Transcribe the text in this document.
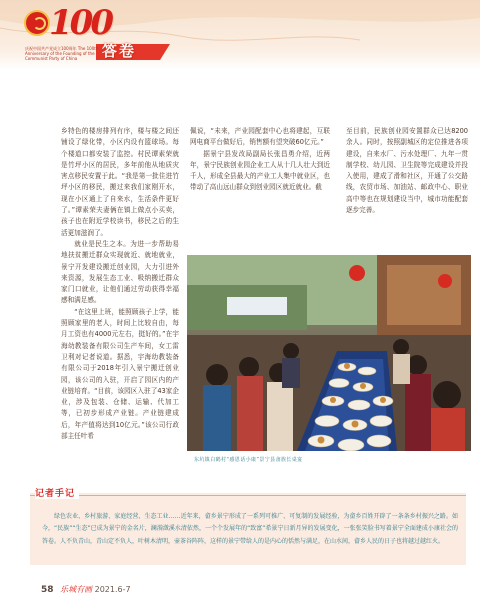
100
答卷
庆祝中国共产党成立100周年 The 100th Anniversary of the Founding of the Communist Party of China

乡特色的楼房排列有序，楼与楼之间还铺设了绿化带，小区内设有篮球场。每个楼道口都安装了监控。村民谭素荣就是竹坪小区的居民，多年前他从地质灾害点移民安置于此。“我是第一批住进竹坪小区的移民，搬过来我们家刚开水，现在小区通上了自来水，生活条件更好了。”谭素荣夫妻俩在镇上做点小买卖，孩子也在附近学校读书，移民之后的生活更加滋润了。

就业是民生之本。为进一步帮助易地扶贫搬迁群众实现就近、就地就业，景宁开发建设搬迁创业园，大力引进外来资源，发展生态工业、吸纳搬迁群众家门口就业，让他们通过劳动获得幸福感和满足感。

“在这里上班，能照顾孩子上学，能照顾家里的老人，时间上比较自由，每月工资也有4000元左右，挺好的。”在宇海幼教装备有限公司生产车间，女工雷卫利对记者说道。据悉，宇海幼教装备有限公司于2018年引入景宁搬迁创业园，该公司的入驻，开启了园区内的产业链培育。“目前，该园区入驻了43家企业，涉及包装、仓储、运输、代加工等，已初步形成产业链。产业链建成后，年产值将达到10亿元。”该公司行政部主任叶希

佩说，“未来，产业园配套中心也将建起，互联网电商平台做好后，销售额有望突破60亿元。”

据景宁县发改局副局长张昌勇介绍，近两年，景宁民族创业园企业工人从十几人壮大到近千人，形成全县最大的产业工人集中就业区，也带动了高山远山群众到创业园区就近就业。截

至目前，民族创业园安置群众已达8200余人。同时，按照副城区的定位推进各项建设，自来水厂、污水处理厂、九年一贯制学校、幼儿园、卫生院等完成建设并投入使用，建成了滑和社区，开通了公交路线，农贸市场、加油站、邮政中心、职业高中等也在规划建设当中，城市功能配套逐步完善。

东坑镇白鹤村“感恩话小康”景宁县畲族长桌宴
记者手记

绿色农业、乡村旅游、家庭经营、生态工业……近年来，畲乡景宁形成了一系列可推广、可复制的发展经验，为畲乡百姓开辟了一条条乡村振兴之路。如今，“民族”“生态”已成为景宁的金名片，澜漪潋溪水清依然，一个个发展年的“致富”希景宁日新月异的发展变化，一张张笑脸书写着景宁全面建成小康社会的答卷。人不负青山，青山定不负人，叶树木清明，壶茶谷阵阵，这样的景宁带给人的是内心的恬然与满足，在山水间，畲乡人民的日子也将越过越红火。

58 乐城有画 2021.6-7
